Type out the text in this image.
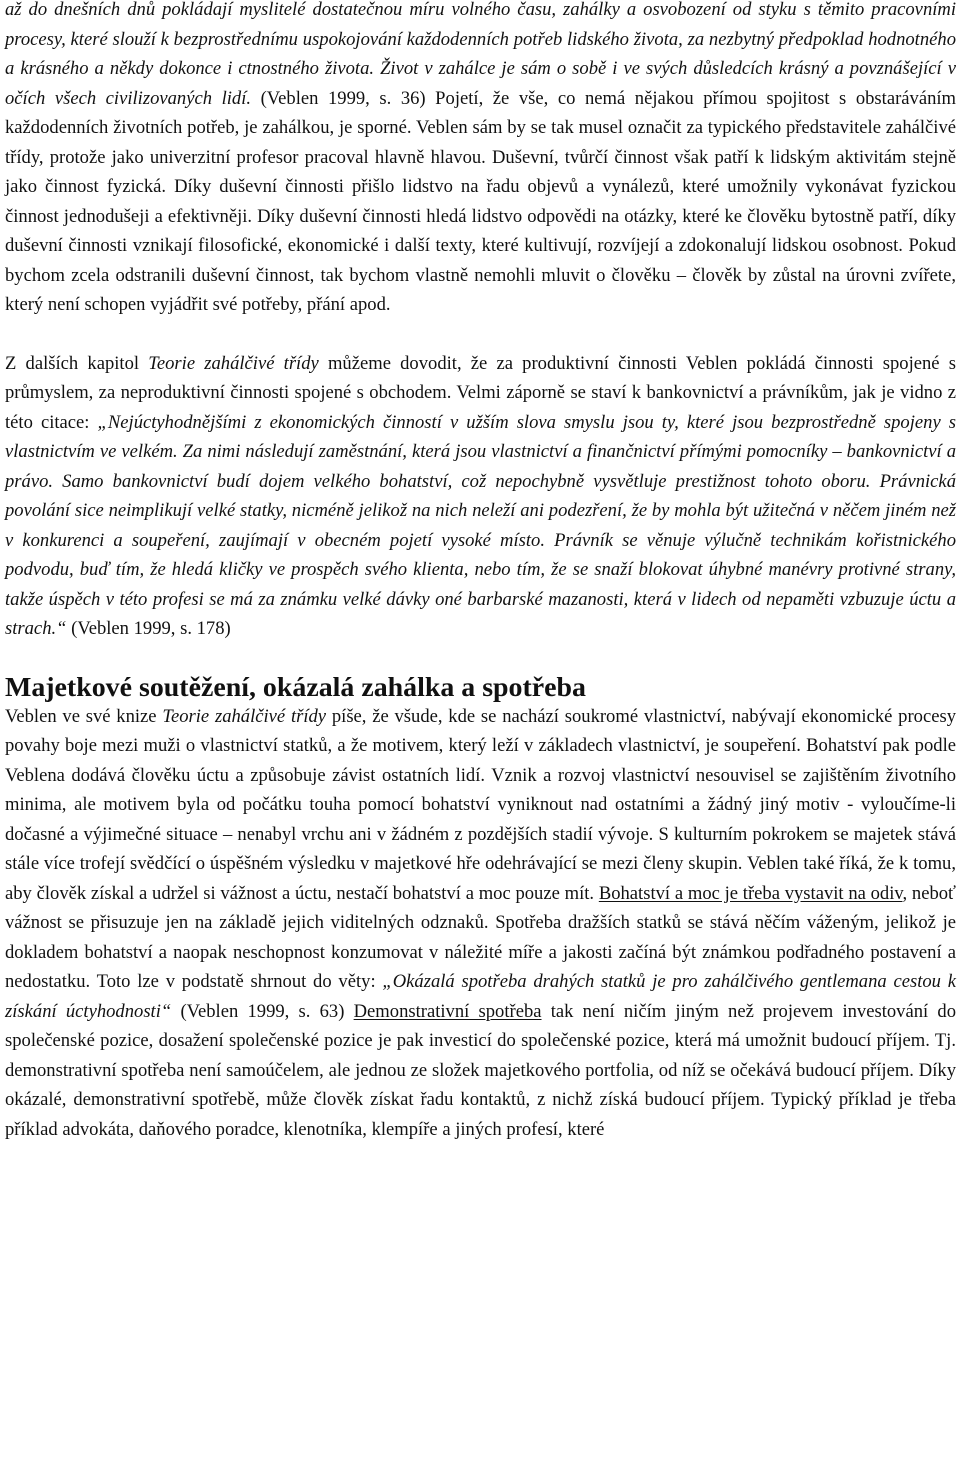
až do dnešních dnů pokládají myslitelé dostatečnou míru volného času, zahálky a osvobození od styku s těmito pracovními procesy, které slouží k bezprostřednímu uspokojování každodenních potřeb lidského života, za nezbytný předpoklad hodnotného a krásného a někdy dokonce i ctnostného života. Život v zahálce je sám o sobě i ve svých důsledcích krásný a povznášející v očích všech civilizovaných lidí. (Veblen 1999, s. 36) Pojetí, že vše, co nemá nějakou přímou spojitost s obstaráváním každodenních životních potřeb, je zahálkou, je sporné. Veblen sám by se tak musel označit za typického představitele zahálčivé třídy, protože jako univerzitní profesor pracoval hlavně hlavou. Duševní, tvůrčí činnost však patří k lidským aktivitám stejně jako činnost fyzická. Díky duševní činnosti přišlo lidstvo na řadu objevů a vynálezů, které umožnily vykonávat fyzickou činnost jednodušeji a efektivněji. Díky duševní činnosti hledá lidstvo odpovědi na otázky, které ke člověku bytostně patří, díky duševní činnosti vznikají filosofické, ekonomické i další texty, které kultivují, rozvíjejí a zdokonalují lidskou osobnost. Pokud bychom zcela odstranili duševní činnost, tak bychom vlastně nemohli mluvit o člověku – člověk by zůstal na úrovni zvířete, který není schopen vyjádřit své potřeby, přání apod.

Z dalších kapitol Teorie zahálčivé třídy můžeme dovodit, že za produktivní činnosti Veblen pokládá činnosti spojené s průmyslem, za neproduktivní činnosti spojené s obchodem. Velmi záporně se staví k bankovnictví a právníkům, jak je vidno z této citace: „Nejúctyhodnějšími z ekonomických činností v užším slova smyslu jsou ty, které jsou bezprostředně spojeny s vlastnictvím ve velkém. Za nimi následují zaměstnání, která jsou vlastnictví a finančnictví přímými pomocníky – bankovnictví a právo. Samo bankovnictví budí dojem velkého bohatství, což nepochybně vysvětluje prestižnost tohoto oboru. Právnická povolání sice neimplikují velké statky, nicméně jelikož na nich neleží ani podezření, že by mohla být užitečná v něčem jiném než v konkurenci a soupeření, zaujímají v obecném pojetí vysoké místo. Právník se věnuje výlučně technikám kořistnického podvodu, buď tím, že hledá kličky ve prospěch svého klienta, nebo tím, že se snaží blokovat úhybné manévry protivné strany, takže úspěch v této profesi se má za známku velké dávky oné barbarské mazanosti, která v lidech od nepaměti vzbuzuje úctu a strach.“ (Veblen 1999, s. 178)

Majetkové soutěžení, okázalá zahálka a spotřeba

Veblen ve své knize Teorie zahálčivé třídy píše, že všude, kde se nachází soukromé vlastnictví, nabývají ekonomické procesy povahy boje mezi muži o vlastnictví statků, a že motivem, který leží v základech vlastnictví, je soupeření. Bohatství pak podle Veblena dodává člověku úctu a způsobuje závist ostatních lidí. Vznik a rozvoj vlastnictví nesouvisel se zajištěním životního minima, ale motivem byla od počátku touha pomocí bohatství vyniknout nad ostatními a žádný jiný motiv - vyloučíme-li dočasné a výjimečné situace – nenabyl vrchu ani v žádném z pozdějších stadií vývoje. S kulturním pokrokem se majetek stává stále více trofejí svědčící o úspěšném výsledku v majetkové hře odehrávající se mezi členy skupin. Veblen také říká, že k tomu, aby člověk získal a udržel si vážnost a úctu, nestačí bohatství a moc pouze mít. Bohatství a moc je třeba vystavit na odiv, neboť vážnost se přisuzuje jen na základě jejich viditelných odznaků. Spotřeba dražších statků se stává něčím váženým, jelikož je dokladem bohatství a naopak neschopnost konzumovat v náležité míře a jakosti začíná být známkou podřadného postavení a nedostatku. Toto lze v podstatě shrnout do věty: „Okázalá spotřeba drahých statků je pro zahálčivého gentlemana cestou k získání úctyhodnosti“ (Veblen 1999, s. 63) Demonstrativní spotřeba tak není ničím jiným než projevem investování do společenské pozice, dosažení společenské pozice je pak investicí do společenské pozice, která má umožnit budoucí příjem. Tj. demonstrativní spotřeba není samoúčelem, ale jednou ze složek majetkového portfolia, od níž se očekává budoucí příjem. Díky okázalé, demonstrativní spotřebě, může člověk získat řadu kontaktů, z nichž získá budoucí příjem. Typický příklad je třeba příklad advokáta, daňového poradce, klenotníka, klempíře a jiných profesí, které
